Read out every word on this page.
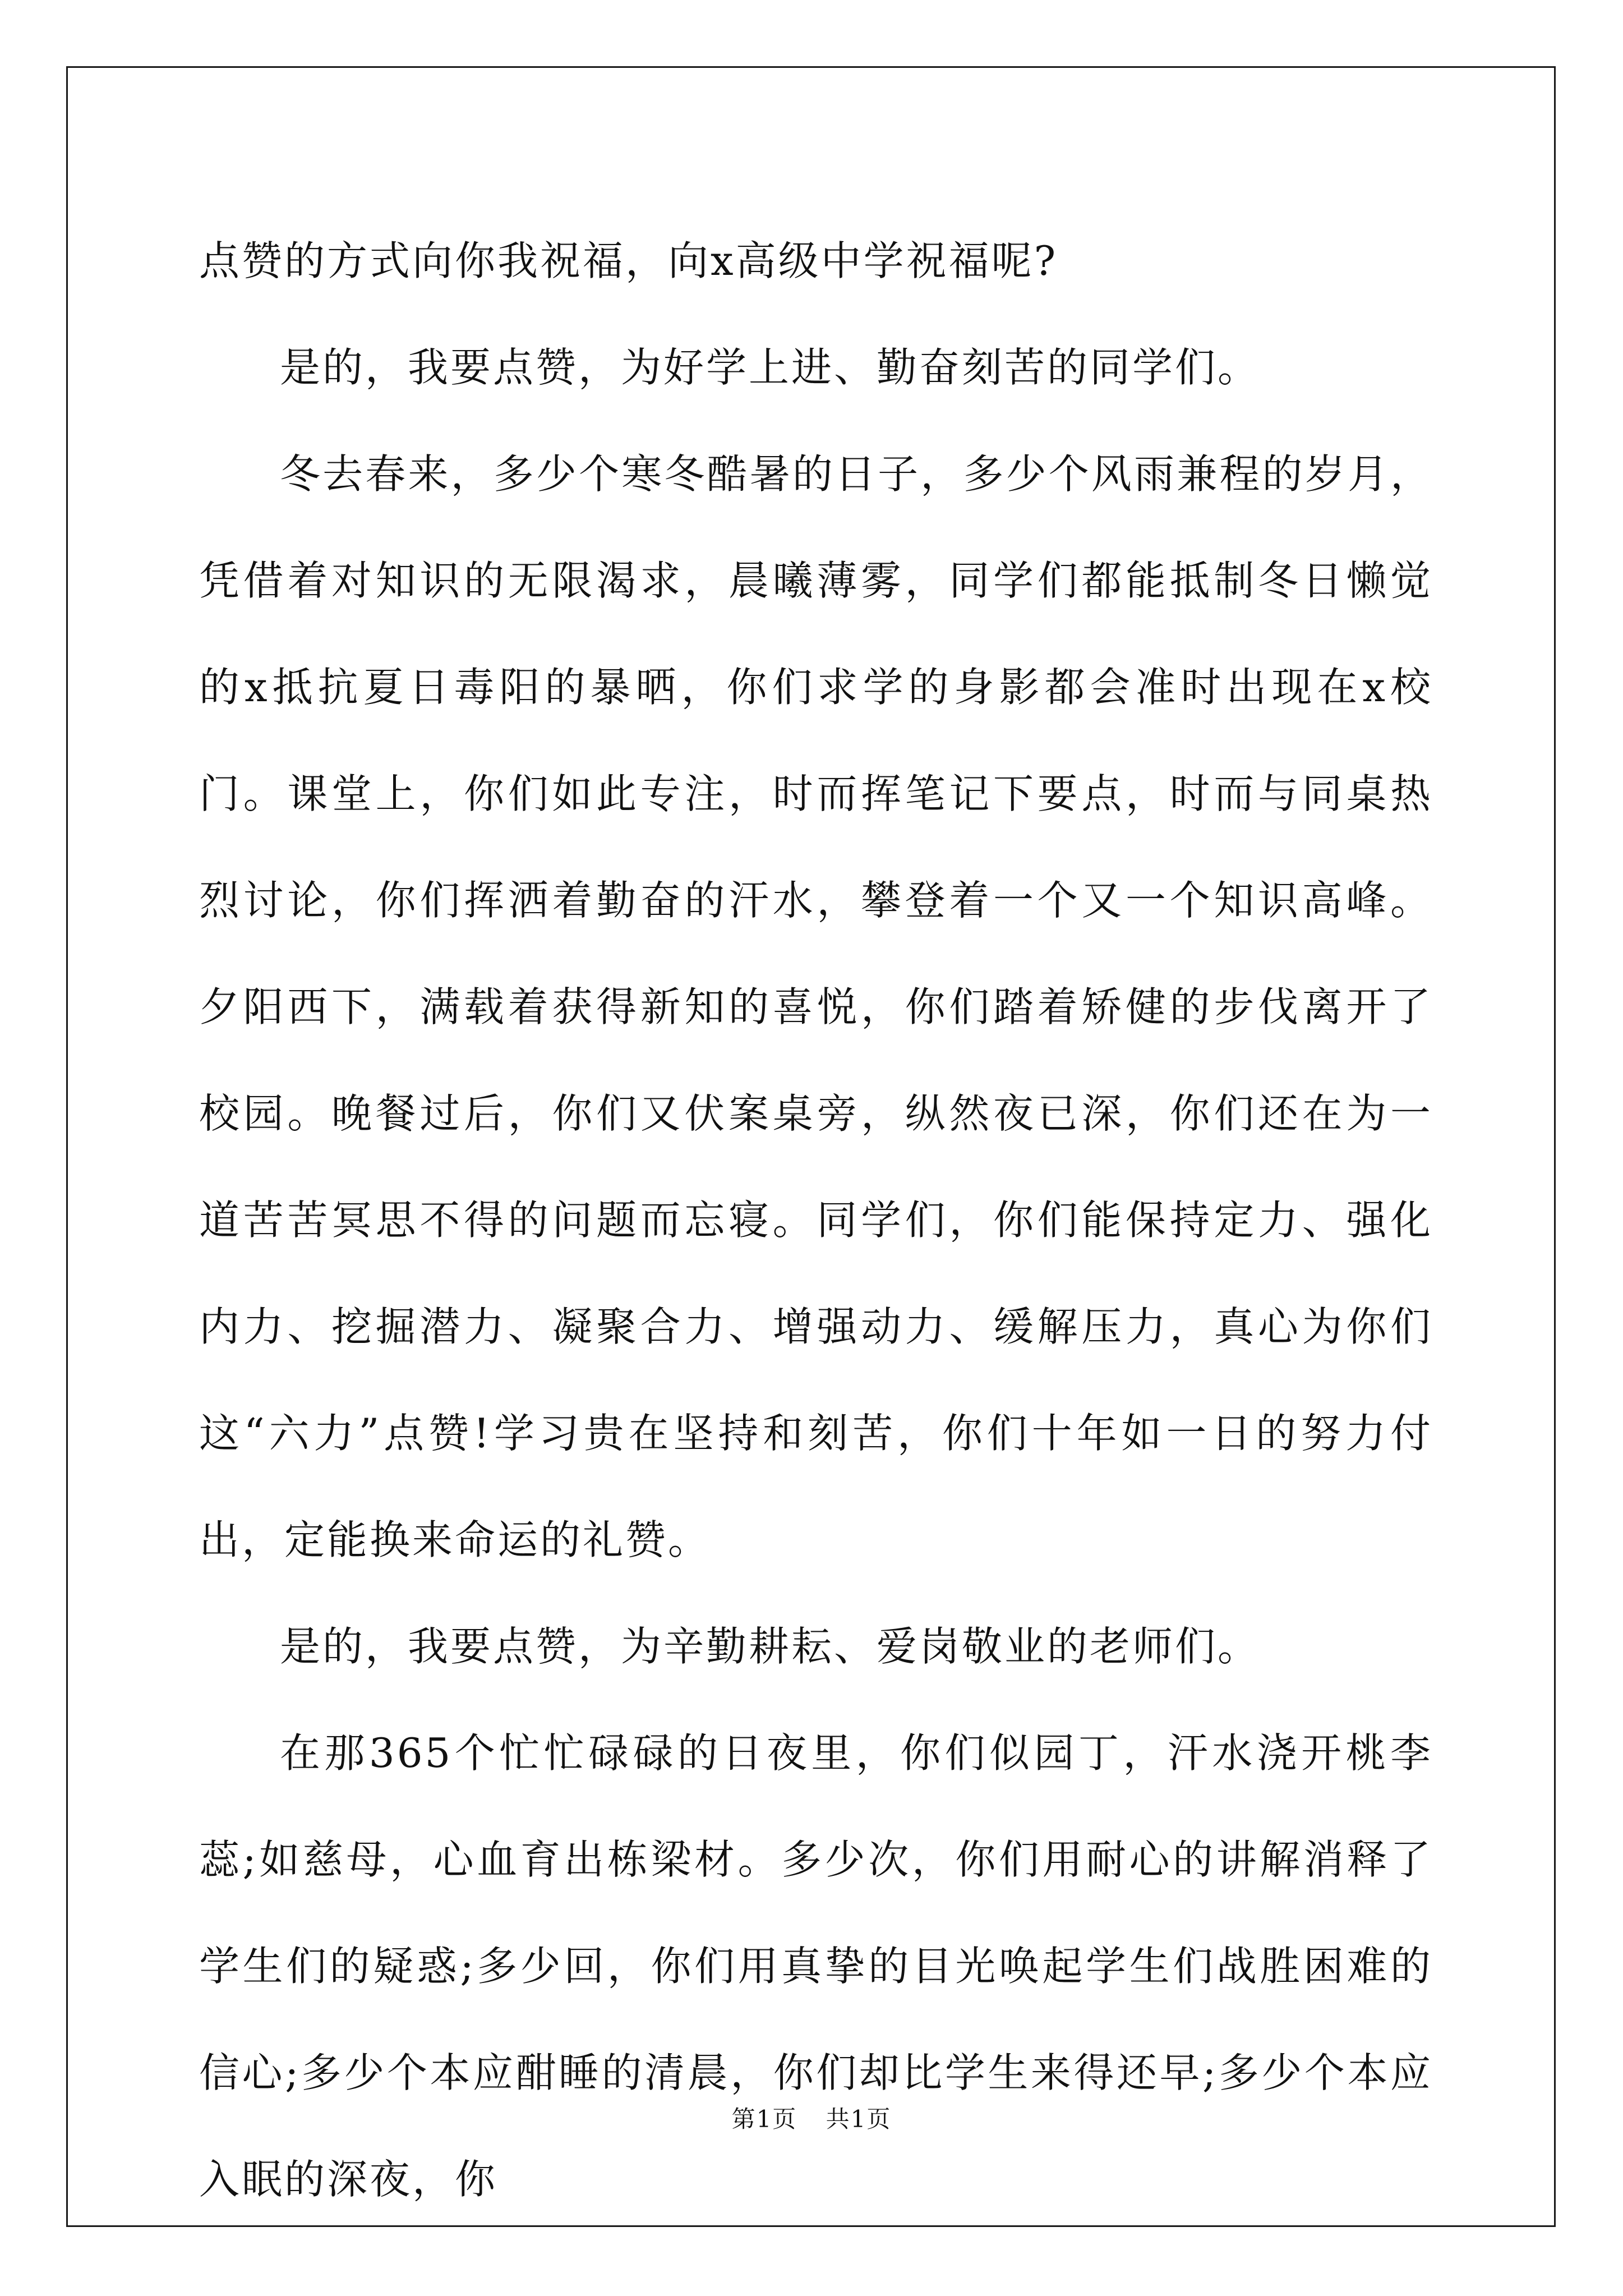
点赞的方式向你我祝福，向x高级中学祝福呢?

是的，我要点赞，为好学上进、勤奋刻苦的同学们。

冬去春来，多少个寒冬酷暑的日子，多少个风雨兼程的岁月，凭借着对知识的无限渴求，晨曦薄雾，同学们都能抵制冬日懒觉的x抵抗夏日毒阳的暴晒，你们求学的身影都会准时出现在x校门。课堂上，你们如此专注，时而挥笔记下要点，时而与同桌热烈讨论，你们挥洒着勤奋的汗水，攀登着一个又一个知识高峰。夕阳西下，满载着获得新知的喜悦，你们踏着矫健的步伐离开了校园。晚餐过后，你们又伏案桌旁，纵然夜已深，你们还在为一道苦苦冥思不得的问题而忘寝。同学们，你们能保持定力、强化内力、挖掘潜力、凝聚合力、增强动力、缓解压力，真心为你们这“六力”点赞!学习贵在坚持和刻苦，你们十年如一日的努力付出，定能换来命运的礼赞。

是的，我要点赞，为辛勤耕耘、爱岗敬业的老师们。

在那365个忙忙碌碌的日夜里，你们似园丁，汗水浇开桃李蕊;如慈母，心血育出栋梁材。多少次，你们用耐心的讲解消释了学生们的疑惑;多少回，你们用真挚的目光唤起学生们战胜困难的信心;多少个本应酣睡的清晨，你们却比学生来得还早;多少个本应入眠的深夜，你

第1页 共1页
